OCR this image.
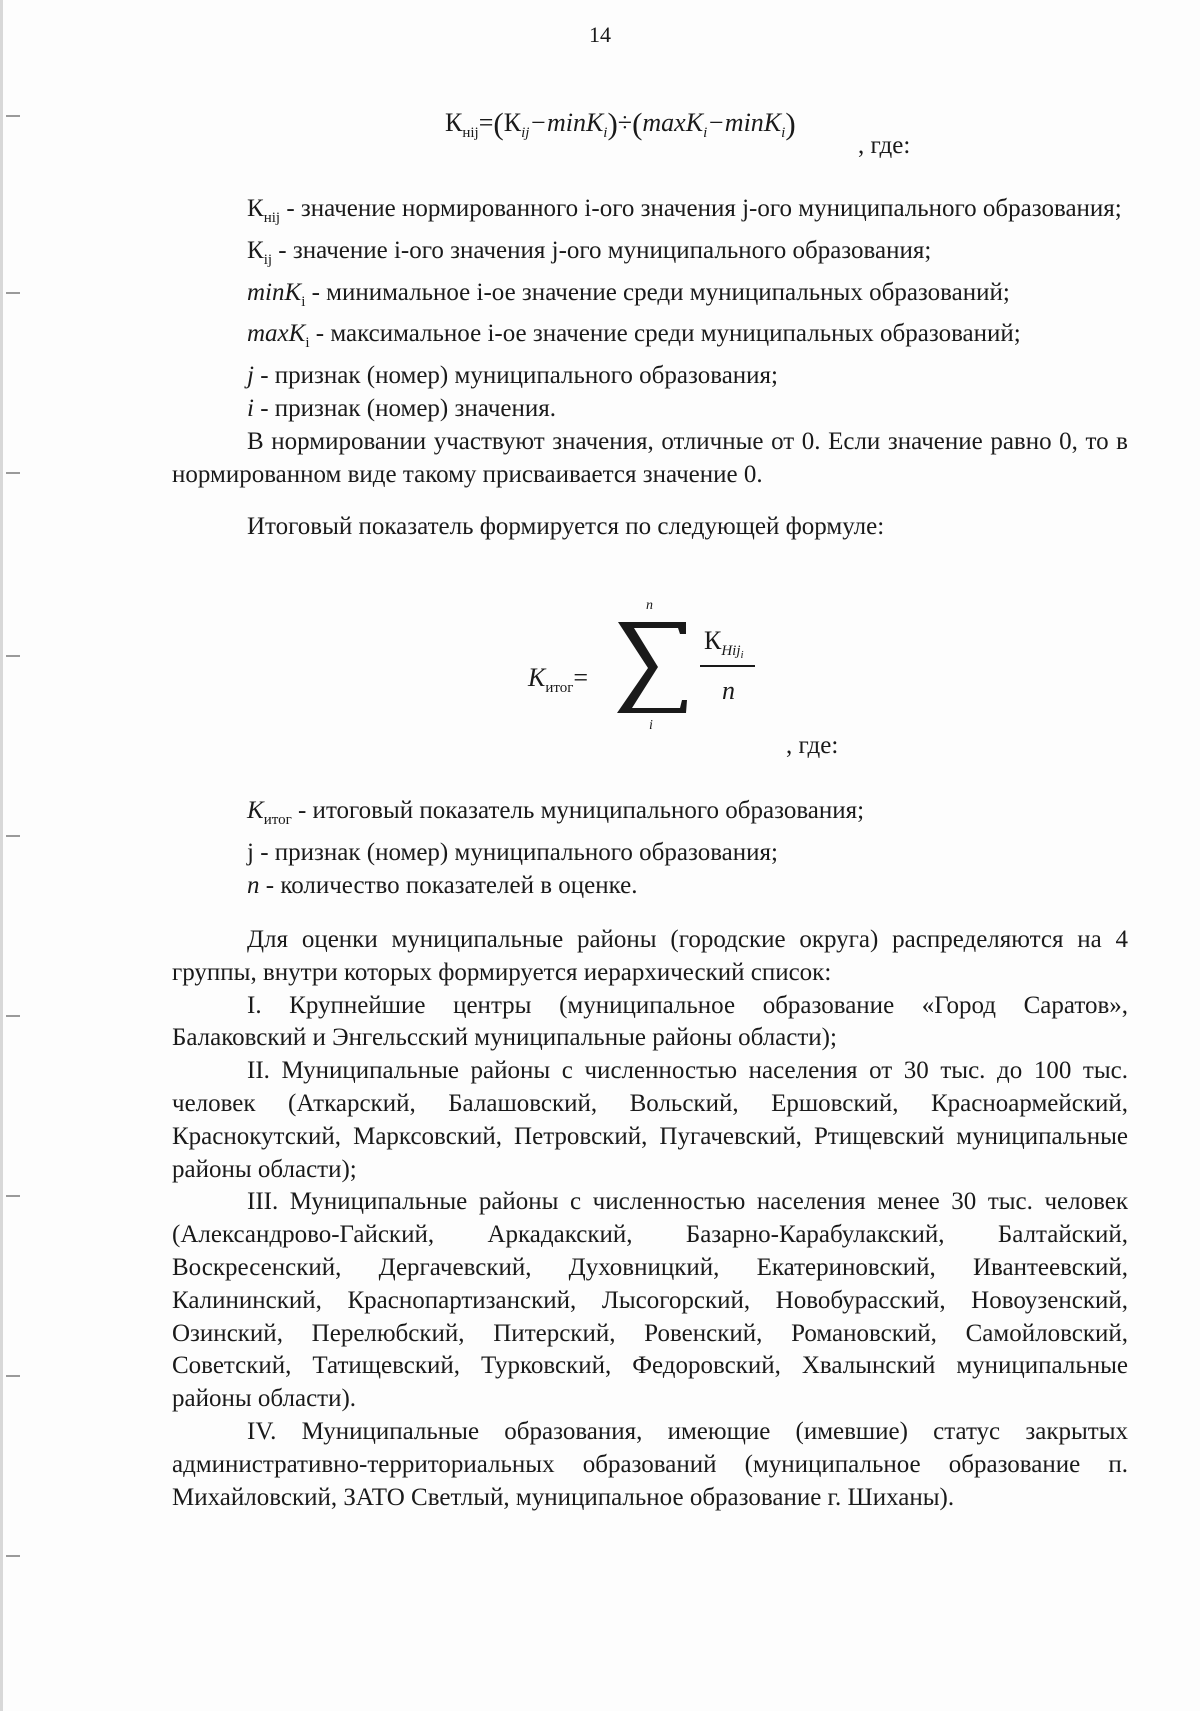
14
$К_{нij}=(К_{ij}-\min K_i)\div(\max K_i-\min K_i)$
, где:

$К_{нij}$ - значение нормированного i-ого значения j-ого муниципального образования;

$К_{ij}$ - значение i-ого значения j-ого муниципального образования;

minK$_i$ - минимальное i-ое значение среди муниципальных образований;

maxK$_i$ - максимальное i-ое значение среди муниципальных образований;

j - признак (номер) муниципального образования;

i - признак (номер) значения.

В нормировании участвуют значения, отличные от 0. Если значение равно 0, то в нормированном виде такому присваивается значение 0.

Итоговый показатель формируется по следующей формуле:

$K_{итог}=$
n
i
$К_{Hiji}$
n
, где:

$K_{итог}$ - итоговый показатель муниципального образования;

j - признак (номер) муниципального образования;

n - количество показателей в оценке.

Для оценки муниципальные районы (городские округа) распределяются на 4 группы, внутри которых формируется иерархический список:

I. Крупнейшие центры (муниципальное образование «Город Саратов», Балаковский и Энгельсский муниципальные районы области);

II. Муниципальные районы с численностью населения от 30 тыс. до 100 тыс. человек (Аткарский, Балашовский, Вольский, Ершовский, Красноармейский, Краснокутский, Марксовский, Петровский, Пугачевский, Ртищевский муниципальные районы области);

III. Муниципальные районы с численностью населения менее 30 тыс. человек (Александрово-Гайский, Аркадакский, Базарно-Карабулакский, Балтайский, Воскресенский, Дергачевский, Духовницкий, Екатериновский, Ивантеевский, Калининский, Краснопартизанский, Лысогорский, Новобурасский, Новоузенский, Озинский, Перелюбский, Питерский, Ровенский, Романовский, Самойловский, Советский, Татищевский, Турковский, Федоровский, Хвалынский муниципальные районы области).

IV. Муниципальные образования, имеющие (имевшие) статус закрытых административно-территориальных образований (муниципальное образование п. Михайловский, ЗАТО Светлый, муниципальное образование г. Шиханы).
